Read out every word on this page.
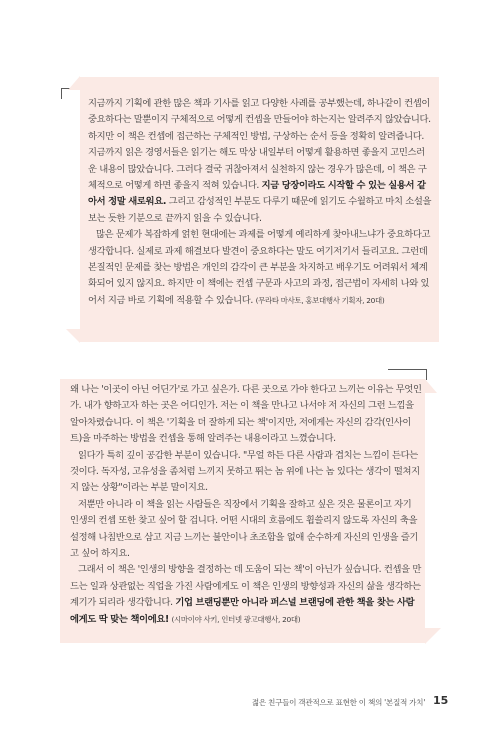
지금까지 기획에 관한 많은 책과 기사를 읽고 다양한 사례를 공부했는데, 하나같이 컨셉이 중요하다는 말뿐이지 구체적으로 어떻게 컨셉을 만들어야 하는지는 알려주지 않았습니다. 하지만 이 책은 컨셉에 접근하는 구체적인 방법, 구상하는 순서 등을 정확히 알려줍니다. 지금까지 읽은 경영서들은 읽기는 해도 막상 내일부터 어떻게 활용하면 좋을지 고민스러운 내용이 많았습니다. 그러다 결국 귀찮아져서 실천하지 않는 경우가 많은데, 이 책은 구체적으로 어떻게 하면 좋을지 적혀 있습니다. 지금 당장이라도 시작할 수 있는 실용서 같아서 정말 새로워요. 그리고 감성적인 부분도 다루기 때문에 읽기도 수월하고 마치 소설을 보는 듯한 기분으로 끝까지 읽을 수 있습니다.

많은 문제가 복잡하게 얽힌 현대에는 과제를 어떻게 예리하게 찾아내느냐가 중요하다고 생각합니다. 실제로 과제 해결보다 발견이 중요하다는 말도 여기저기서 들리고요. 그런데 본질적인 문제를 찾는 방법은 개인의 감각이 큰 부분을 차지하고 배우기도 어려워서 체계화되어 있지 않지요. 하지만 이 책에는 컨셉 구문과 사고의 과정, 접근법이 자세히 나와 있어서 지금 바로 기획에 적용할 수 있습니다. (무라타 마사토, 홍보대행사 기획자, 20대)

왜 나는 '이곳이 아닌 어딘가'로 가고 싶은가. 다른 곳으로 가야 한다고 느끼는 이유는 무엇인가. 내가 향하고자 하는 곳은 어디인가. 저는 이 책을 만나고 나서야 저 자신의 그런 느낌을 알아차렸습니다. 이 책은 '기획을 더 잘하게 되는 책'이지만, 저에게는 자신의 감각(인사이트)을 마주하는 방법을 컨셉을 통해 알려주는 내용이라고 느꼈습니다.

읽다가 특히 깊이 공감한 부분이 있습니다. "무얼 하든 다른 사람과 겹치는 느낌이 든다는 것이다. 독자성, 고유성을 좀처럼 느끼지 못하고 뛰는 놈 위에 나는 놈 있다는 생각이 떨쳐지지 않는 상황"이라는 부분 말이지요.

저뿐만 아니라 이 책을 읽는 사람들은 직장에서 기획을 잘하고 싶은 것은 물론이고 자기 인생의 컨셉 또한 찾고 싶어 할 겁니다. 어떤 시대의 흐름에도 휩쓸리지 않도록 자신의 축을 설정해 나침반으로 삼고 지금 느끼는 불안이나 초조함을 없애 순수하게 자신의 인생을 즐기고 싶어 하지요.

그래서 이 책은 '인생의 방향을 결정하는 데 도움이 되는 책'이 아닌가 싶습니다. 컨셉을 만드는 일과 상관없는 직업을 가진 사람에게도 이 책은 인생의 방향성과 자신의 삶을 생각하는 계기가 되리라 생각합니다. 기업 브랜딩뿐만 아니라 퍼스널 브랜딩에 관한 책을 찾는 사람에게도 딱 맞는 책이에요! (시마이야 사키, 인터넷 광고대행사, 20대)

젊은 친구들이 객관적으로 표현한 이 책의 '본질적 가치' 15
